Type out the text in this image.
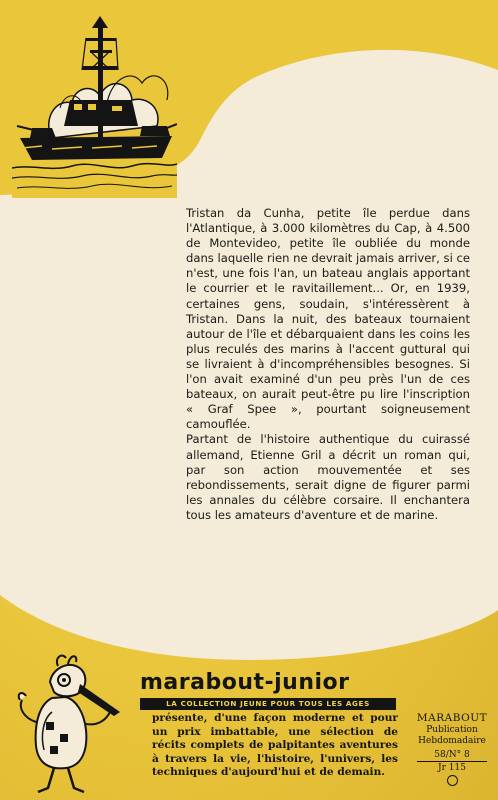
Tristan da Cunha, petite île perdue dans l'Atlantique, à 3.000 kilomètres du Cap, à 4.500 de Montevideo, petite île oubliée du monde dans laquelle rien ne devrait jamais arriver, si ce n'est, une fois l'an, un bateau anglais apportant le courrier et le ravitaillement... Or, en 1939, certaines gens, soudain, s'intéressèrent à Tristan. Dans la nuit, des bateaux tournaient autour de l'île et débarquaient dans les coins les plus reculés des marins à l'accent guttural qui se livraient à d'incompréhensibles besognes. Si l'on avait examiné d'un peu près l'un de ces bateaux, on aurait peut-être pu lire l'inscription « Graf Spee », pourtant soigneusement camouflée.

Partant de l'histoire authentique du cuirassé allemand, Etienne Gril a décrit un roman qui, par son action mouvementée et ses rebondissements, serait digne de figurer parmi les annales du célèbre corsaire. Il enchantera tous les amateurs d'aventure et de marine.

marabout-junior
LA COLLECTION JEUNE POUR TOUS LES AGES

présente, d'une façon moderne et pour un prix imbattable, une sélection de récits complets de palpitantes aventures à travers la vie, l'histoire, l'univers, les techniques d'aujourd'hui et de demain.

MARABOUT
Publication
Hebdomadaire
58/N° 8
Jr 115
